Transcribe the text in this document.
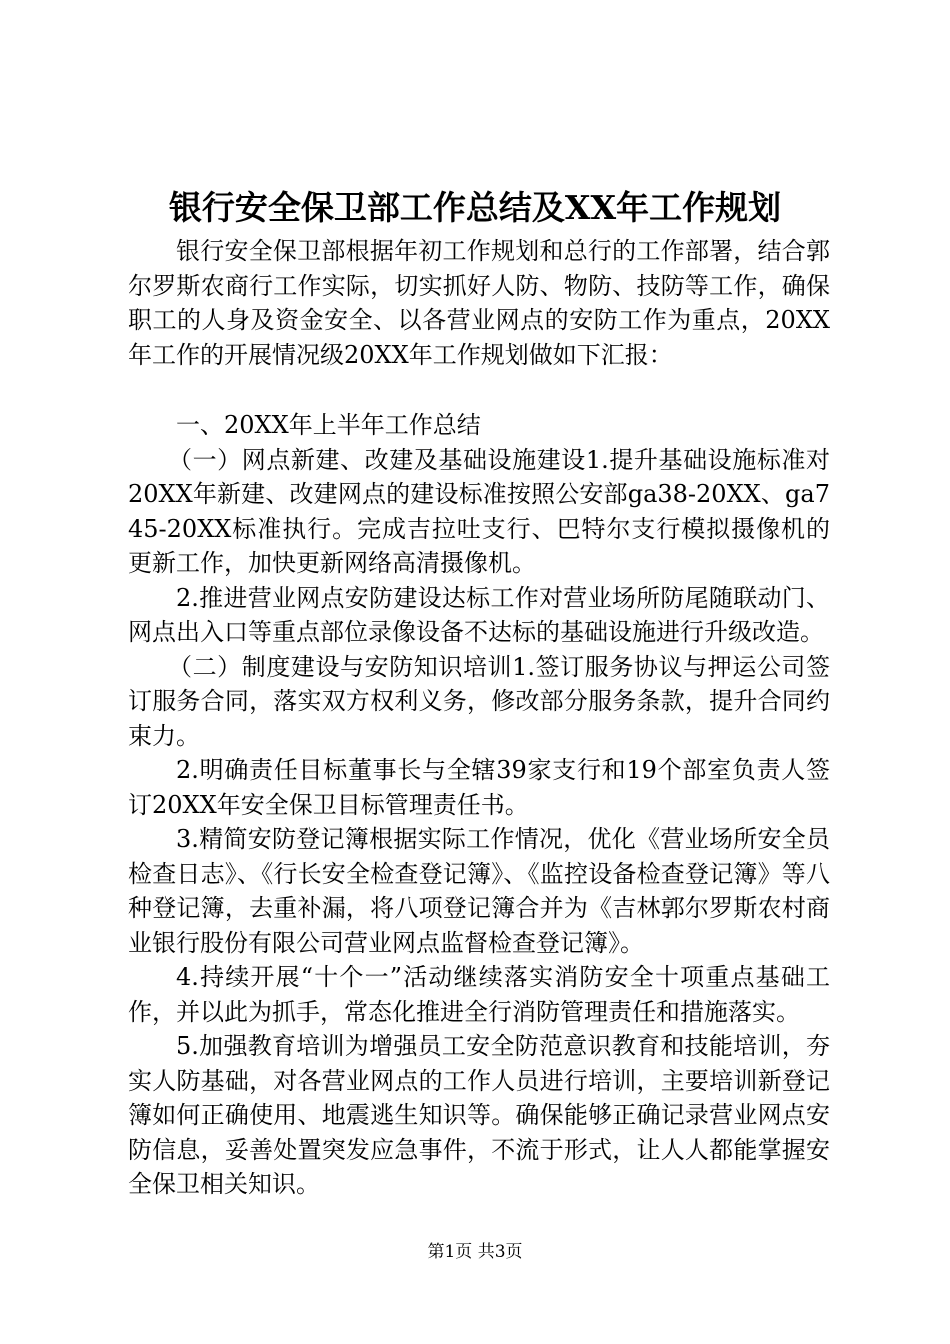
银行安全保卫部工作总结及XX年工作规划

银行安全保卫部根据年初工作规划和总行的工作部署，结合郭尔罗斯农商行工作实际，切实抓好人防、物防、技防等工作，确保职工的人身及资金安全、以各营业网点的安防工作为重点，20XX年工作的开展情况级20XX年工作规划做如下汇报：

一、20XX年上半年工作总结

（一）网点新建、改建及基础设施建设1.提升基础设施标准对20XX年新建、改建网点的建设标准按照公安部ga38-20XX、ga745-20XX标准执行。完成吉拉吐支行、巴特尔支行模拟摄像机的更新工作，加快更新网络高清摄像机。

2.推进营业网点安防建设达标工作对营业场所防尾随联动门、网点出入口等重点部位录像设备不达标的基础设施进行升级改造。

（二）制度建设与安防知识培训1.签订服务协议与押运公司签订服务合同，落实双方权利义务，修改部分服务条款，提升合同约束力。

2.明确责任目标董事长与全辖39家支行和19个部室负责人签订20XX年安全保卫目标管理责任书。

3.精简安防登记簿根据实际工作情况，优化《营业场所安全员检查日志》、《行长安全检查登记簿》、《监控设备检查登记簿》等八种登记簿，去重补漏，将八项登记簿合并为《吉林郭尔罗斯农村商业银行股份有限公司营业网点监督检查登记簿》。

4.持续开展“十个一”活动继续落实消防安全十项重点基础工作，并以此为抓手，常态化推进全行消防管理责任和措施落实。

5.加强教育培训为增强员工安全防范意识教育和技能培训，夯实人防基础，对各营业网点的工作人员进行培训，主要培训新登记簿如何正确使用、地震逃生知识等。确保能够正确记录营业网点安防信息，妥善处置突发应急事件，不流于形式，让人人都能掌握安全保卫相关知识。

第1页 共3页
